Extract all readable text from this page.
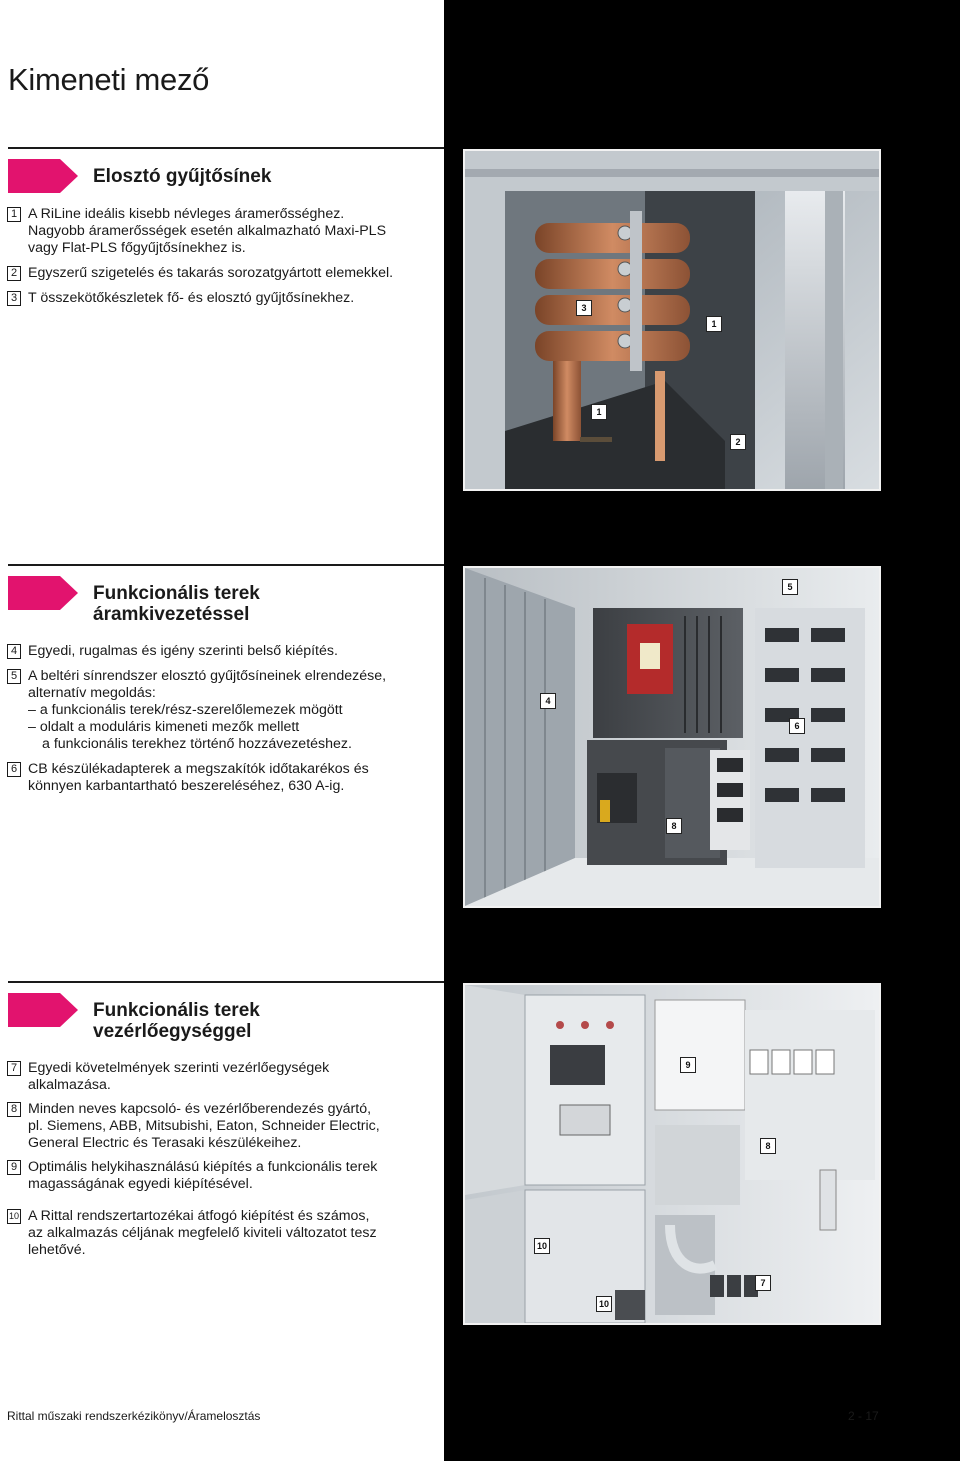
Kimeneti mező
Elosztó gyűjtősínek
1 A RiLine ideális kisebb névleges áramerősséghez.
Nagyobb áramerősségek esetén alkalmazható Maxi-PLS
vagy Flat-PLS főgyűjtősínekhez is.
2 Egyszerű szigetelés és takarás sorozatgyártott elemekkel.
3 T összekötőkészletek fő- és elosztó gyűjtősínekhez.
3
1
1
2
Funkcionális terek
áramkivezetéssel
4 Egyedi, rugalmas és igény szerinti belső kiépítés.
5 A beltéri sínrendszer elosztó gyűjtősíneinek elrendezése,
alternatív megoldás:
– a funkcionális terek/rész-szerelőlemezek mögött
– oldalt a moduláris kimeneti mezők mellett
a funkcionális terekhez történő hozzávezetéshez.
6 CB készülékadapterek a megszakítók időtakarékos és
könnyen karbantartható beszereléséhez, 630 A-ig.
5
4
6
8
Funkcionális terek
vezérlőegységgel
7 Egyedi követelmények szerinti vezérlőegységek
alkalmazása.
8 Minden neves kapcsoló- és vezérlőberendezés gyártó,
pl. Siemens, ABB, Mitsubishi, Eaton, Schneider Electric,
General Electric és Terasaki készülékeihez.
9 Optimális helykihasználású kiépítés a funkcionális terek
magasságának egyedi kiépítésével.
10 A Rittal rendszertartozékai átfogó kiépítést és számos,
az alkalmazás céljának megfelelő kiviteli változatot tesz
lehetővé.
9
8
10
7
10
Rittal műszaki rendszerkézikönyv/Áramelosztás	2 - 17
